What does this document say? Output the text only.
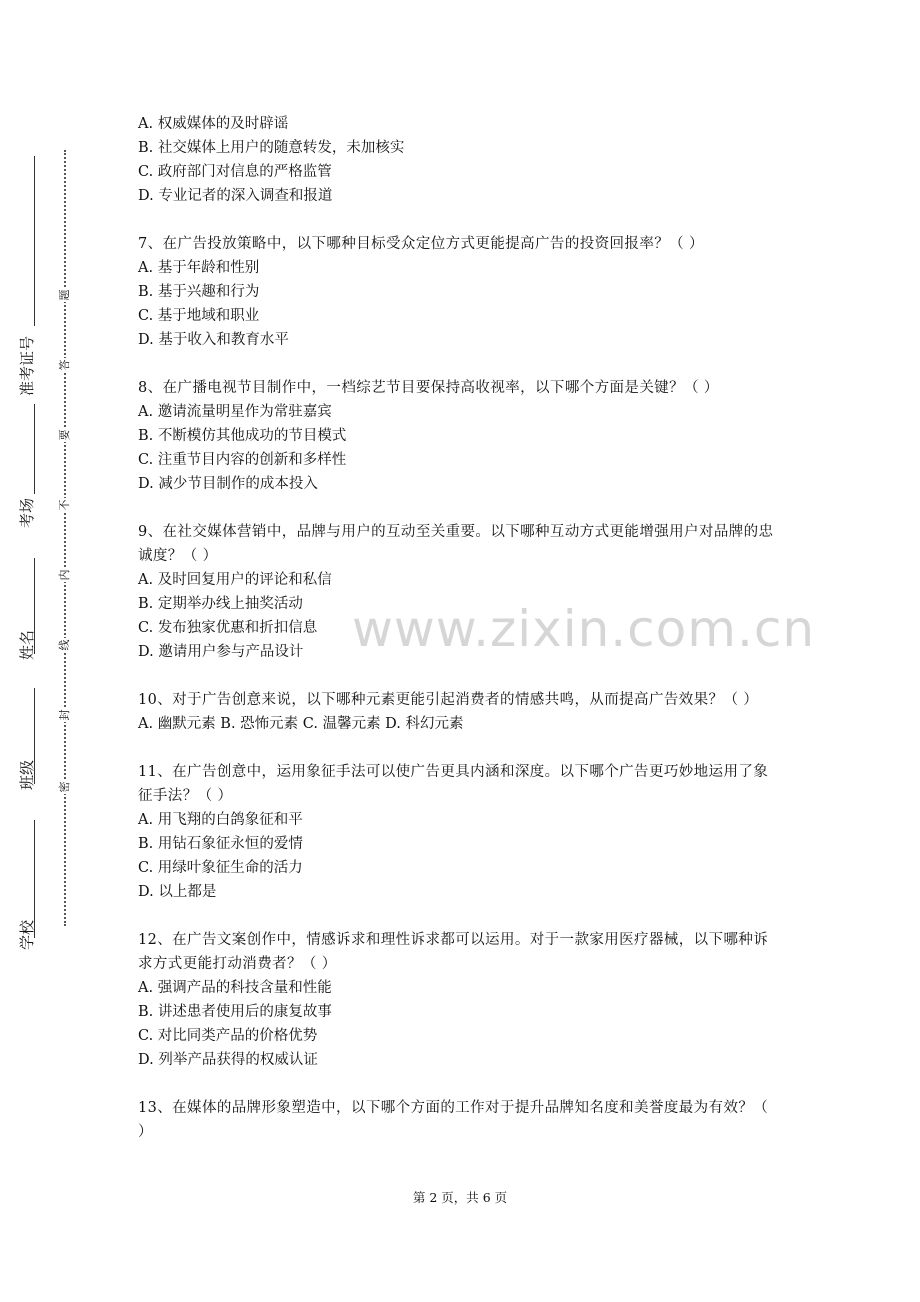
学校
班级
姓名
考场
准考证号
密
封
线
内
不
要
答
题
www.zixin.com.cn
A. 权威媒体的及时辟谣
B. 社交媒体上用户的随意转发，未加核实
C. 政府部门对信息的严格监管
D. 专业记者的深入调查和报道
7、在广告投放策略中，以下哪种目标受众定位方式更能提高广告的投资回报率？（ ）
A. 基于年龄和性别
B. 基于兴趣和行为
C. 基于地域和职业
D. 基于收入和教育水平
8、在广播电视节目制作中，一档综艺节目要保持高收视率，以下哪个方面是关键？（ ）
A. 邀请流量明星作为常驻嘉宾
B. 不断模仿其他成功的节目模式
C. 注重节目内容的创新和多样性
D. 减少节目制作的成本投入
9、在社交媒体营销中，品牌与用户的互动至关重要。以下哪种互动方式更能增强用户对品牌的忠诚度？（ ）
A. 及时回复用户的评论和私信
B. 定期举办线上抽奖活动
C. 发布独家优惠和折扣信息
D. 邀请用户参与产品设计
10、对于广告创意来说，以下哪种元素更能引起消费者的情感共鸣，从而提高广告效果？（ ）
A. 幽默元素 B. 恐怖元素 C. 温馨元素 D. 科幻元素
11、在广告创意中，运用象征手法可以使广告更具内涵和深度。以下哪个广告更巧妙地运用了象征手法？（ ）
A. 用飞翔的白鸽象征和平
B. 用钻石象征永恒的爱情
C. 用绿叶象征生命的活力
D. 以上都是
12、在广告文案创作中，情感诉求和理性诉求都可以运用。对于一款家用医疗器械，以下哪种诉求方式更能打动消费者？（ ）
A. 强调产品的科技含量和性能
B. 讲述患者使用后的康复故事
C. 对比同类产品的价格优势
D. 列举产品获得的权威认证
13、在媒体的品牌形象塑造中，以下哪个方面的工作对于提升品牌知名度和美誉度最为有效？（ ）
第 2 页，共 6 页
